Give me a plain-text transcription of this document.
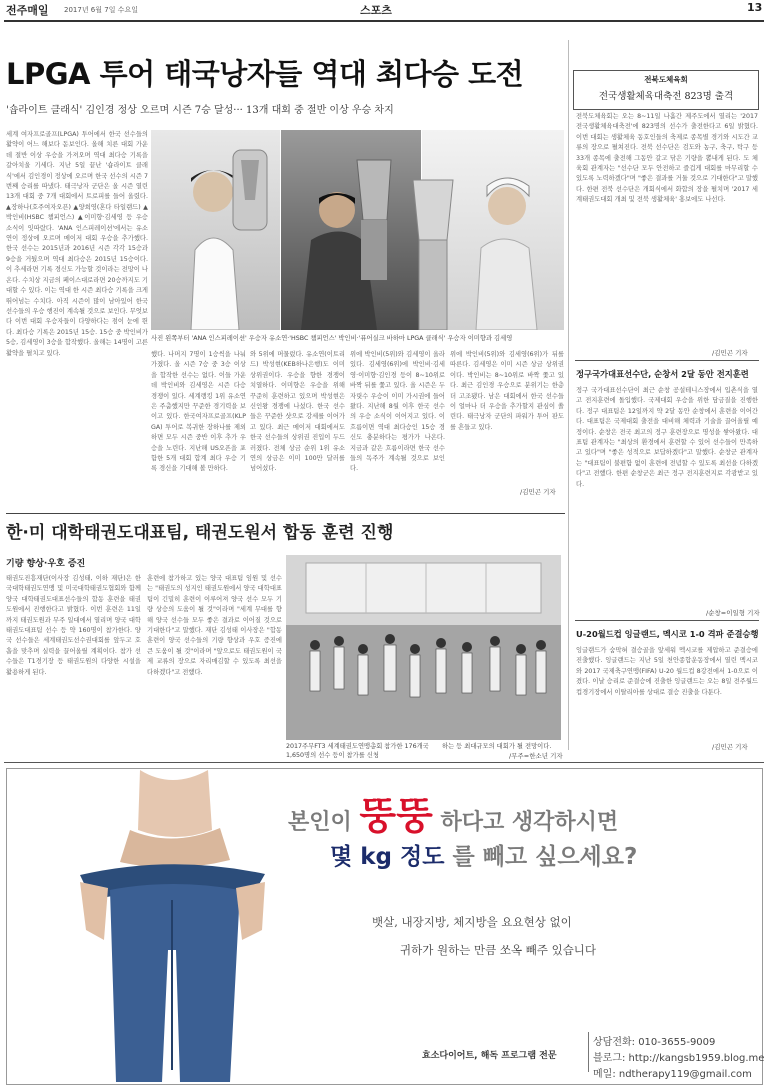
전주매일 2017년 6월 7일 수요일	스포츠	13
LPGA 투어 태국낭자들 역대 최다승 도전
'숍라이트 클래식' 김인경 정상 오르며 시즌 7승 달성··· 13개 대회 중 절반 이상 우승 차지
세계 여자프로골프(LPGA) 투어에서 한국 선수들의 활약이 어느 해보다 돋보인다. 올해 치른 대회 가운데 절반 이상 우승을 가져오며 역대 최다승 기록을 갈아치울 기세다. 지난 5일 끝난 '숍라이트 클래식'에서 김인경이 정상에 오르며 한국 선수의 시즌 7번째 승리를 따냈다. 태극낭자 군단은 올 시즌 열린 13개 대회 중 7개 대회에서 트로피를 들어 올렸다. ▲장하나(호주여자오픈) ▲양희영(혼다 타일랜드) ▲박인비(HSBC 챔피언스) ▲이미향·김세영 등 우승 소식이 잇따랐다. 'ANA 인스피레이션'에서는 유소연이 정상에 오르며 메이저 대회 우승을 추가했다. 한국 선수는 2015년과 2016년 시즌 각각 15승과 9승을 거뒀으며 역대 최다승은 2015년 15승이다. 이 추세라면 기록 경신도 가능할 것이라는 전망이 나온다. 수치상 지금의 페이스대로라면 20승까지도 기대할 수 있다. 이는 역대 한 시즌 최다승 기록을 크게 뛰어넘는 수치다. 아직 시즌이 많이 남아있어 한국 선수들의 우승 행진이 계속될 것으로 보인다. 무엇보다 이번 대회 우승자들이 다양하다는 점이 눈에 띈다. 최다승 기록은 2015년 15승. 15승 중 박인비가 5승, 김세영이 3승을 합작했다. 올해는 14명이 고른 활약을 펼치고 있다.
사진 왼쪽부터 'ANA 인스피레이션' 우승자 유소연·'HSBC 챔피언스' 박인비·'퓨어실크 바하마 LPGA 클래식' 우승자 이미향과 김세영
했다. 나머지 7명이 1승씩을 나눠 가졌다. 올 시즌 7승 중 3승 이상을 합작한 선수는 없다. 이들 가운데 박인비와 김세영은 시즌 다승 경쟁이 있다. 세계랭킹 1위 유소연은 주춤했지만 꾸준한 경기력을 보이고 있다. 한국여자프로골프(KLPGA) 투어로 복귀한 장하나를 제외하면 모두 시즌 중반 이후 추가 우승을 노린다. 지난해 US오픈을 포함한 5개 대회 합계 최다 우승 기록 경신을 기대해 볼 만하다.
와 5위에 머물렀다. 유소연(이트리드) 박성현(KEB하나은행)도 이미 상위권이다. 우승을 향한 경쟁이 치열하다. 이미향은 우승을 위해 꾸준히 훈련하고 있으며 박성현은 신인왕 경쟁에 나섰다. 한국 선수들은 꾸준한 샷으로 강세를 이어가고 있다. 최근 메이저 대회에서도 한국 선수들의 상위권 진입이 두드러졌다. 전체 상금 순위 1위 유소연의 상금은 이미 100만 달러를 넘어섰다.
위에 박인비(5위)와 김세영이 올라 있다. 김세영(6위)에 박인비·김세영·이미향·김인경 등이 8~10위로 바짝 뒤를 쫓고 있다. 올 시즌은 두 자릿수 우승이 이미 가시권에 들어왔다. 지난해 8월 이후 한국 선수의 우승 소식이 이어지고 있다. 이 흐름이면 역대 최다승인 15승 경신도 충분하다는 평가가 나온다. 지금과 같은 흐름이라면 한국 선수들의 독주가 계속될 것으로 보인다.
위에 박인비(5위)와 김세영(6위)가 뒤를 따른다. 김세영은 이미 시즌 상금 상위권이다. 박인비는 8~10위로 바짝 쫓고 있다. 최근 김인경 우승으로 분위기는 한층 더 고조됐다. 남은 대회에서 한국 선수들이 얼마나 더 우승을 추가할지 관심이 쏠린다. 태극낭자 군단의 파워가 투어 판도를 흔들고 있다.
/김민곤 기자
전북도체육회
전국생활체육대축전 823명 출격
전북도체육회는 오는 8~11일 나흘간 제주도에서 열리는 '2017 전국생활체육대축전'에 823명의 선수가 출전한다고 6일 밝혔다. 이번 대회는 생활체육 동호인들의 축제로 종목별 경기와 시도간 교류의 장으로 펼쳐진다. 전북 선수단은 검도와 농구, 축구, 탁구 등 33개 종목에 출전해 그동안 갈고 닦은 기량을 뽐내게 된다. 도 체육회 관계자는 "선수단 모두 안전하고 즐겁게 대회를 마무리할 수 있도록 노력하겠다"며 "좋은 결과를 거둘 것으로 기대한다"고 말했다. 한편 전북 선수단은 개회식에서 화합의 장을 펼치며 '2017 세계태권도대회 개최 및 전북 생활체육' 홍보에도 나선다.
/김민곤 기자
정구국가대표선수단, 순창서 2달 동안 전지훈련
정구 국가대표선수단이 최근 순창 공설테니스장에서 입촌식을 열고 전지훈련에 돌입했다. 국제대회 우승을 위한 담금질을 진행한다. 정구 대표팀은 12일까지 약 2달 동안 순창에서 훈련을 이어간다. 대표팀은 국제대회 출전을 대비해 체력과 기술을 끌어올릴 예정이다. 순창은 전국 최고의 정구 훈련장으로 명성을 쌓아왔다. 대표팀 관계자는 "최상의 환경에서 훈련할 수 있어 선수들이 만족하고 있다"며 "좋은 성적으로 보답하겠다"고 말했다. 순창군 관계자는 "대표팀이 불편함 없이 훈련에 전념할 수 있도록 최선을 다하겠다"고 전했다. 한편 순창군은 최근 정구 전지훈련지로 각광받고 있다.
/순창=이일형 기자
U-20월드컵 잉글랜드, 멕시코 1-0 격파 준결승행
잉글랜드가 숨막혀 결승골을 앞세워 멕시코를 제압하고 준결승에 진출했다. 잉글랜드는 지난 5일 천안종합운동장에서 열린 멕시코와 2017 국제축구연맹(FIFA) U-20 월드컵 8강전에서 1-0으로 이겼다. 이날 승리로 준결승에 진출한 잉글랜드는 오는 8일 전주월드컵경기장에서 이탈리아를 상대로 결승 진출을 다툰다.
/김민곤 기자
한·미 대학태권도대표팀, 태권도원서 합동 훈련 진행
기량 향상·우호 증진
태권도진흥재단(이사장 김성태, 이하 재단)은 한국대학태권도연맹 및 미국대학태권도협회와 함께 양국 대학태권도대표선수들의 합동 훈련을 태권도원에서 진행한다고 밝혔다. 이번 훈련은 11일까지 태권도원과 무주 일대에서 열리며 양국 대학태권도대표팀 선수 등 약 160명이 참가한다. 양국 선수들은 세계태권도선수권대회를 앞두고 호흡을 맞추며 실력을 끌어올릴 계획이다. 참가 선수들은 T1경기장 등 태권도원의 다양한 시설을 활용하게 된다.
훈련에 참가하고 있는 양국 대표팀 임원 및 선수는 "태권도의 성지인 태권도원에서 양국 대학대표팀이 긴밀히 훈련이 이루어져 양국 선수 모두 기량 상승의 도움이 될 것"이라며 "세계 무대를 향해 양국 선수들 모두 좋은 결과로 이어질 것으로 기대한다"고 말했다. 재단 김성태 이사장은 "합동 훈련이 양국 선수들의 기량 향상과 우호 증진에 큰 도움이 될 것"이라며 "앞으로도 태권도원이 국제 교류의 장으로 자리매김할 수 있도록 최선을 다하겠다"고 전했다.
2017주무FT3 세계태권도연맹총회 참가한 176개국 1,650명의 선수 등이 참가를 신청
하는 등 최대규모의 대회가 될 전망이다.
/무주=한소년 기자
본인이 뚱뚱 하다고 생각하시면
몇 kg 정도 를 빼고 싶으세요?
뱃살, 내장지방, 체지방을 요요현상 없이
귀하가 원하는 만큼 쏘옥 빼주 있습니다
효소다이어트, 해독 프로그램 전문
상담전화: 010-3655-9009
블로그: http://kangsb1959.blog.me
메일: ndtherapy119@gmail.com
